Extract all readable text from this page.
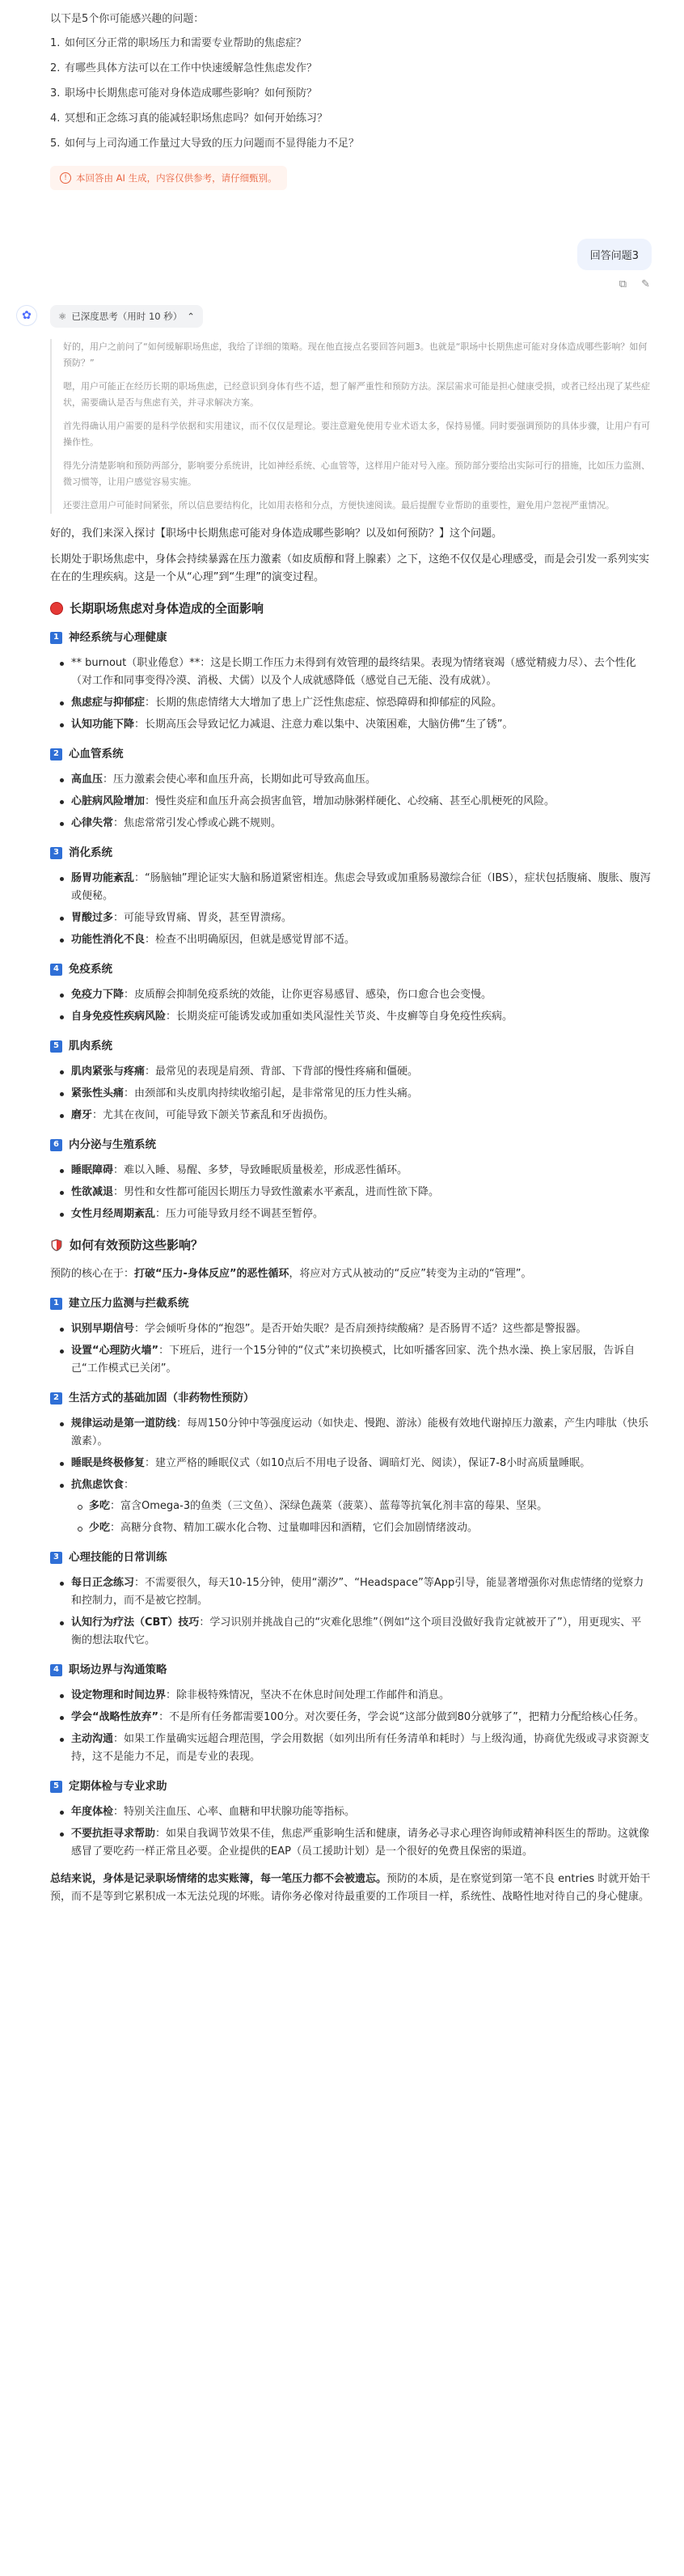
以下是5个你可能感兴趣的问题：
1. 如何区分正常的职场压力和需要专业帮助的焦虑症？
2. 有哪些具体方法可以在工作中快速缓解急性焦虑发作？
3. 职场中长期焦虑可能对身体造成哪些影响？如何预防？
4. 冥想和正念练习真的能减轻职场焦虑吗？如何开始练习？
5. 如何与上司沟通工作量过大导致的压力问题而不显得能力不足？
! 本回答由 AI 生成，内容仅供参考，请仔细甄别。
回答问题3
⧉ ✎
✿	⚛ 已深度思考（用时 10 秒） ⌃

好的，用户之前问了“如何缓解职场焦虑，我给了详细的策略。现在他直接点名要回答问题3。也就是“职场中长期焦虑可能对身体造成哪些影响？如何预防？”

嗯，用户可能正在经历长期的职场焦虑，已经意识到身体有些不适，想了解严重性和预防方法。深层需求可能是担心健康受损，或者已经出现了某些症状，需要确认是否与焦虑有关，并寻求解决方案。

首先得确认用户需要的是科学依据和实用建议，而不仅仅是理论。要注意避免使用专业术语太多，保持易懂。同时要强调预防的具体步骤，让用户有可操作性。

得先分清楚影响和预防两部分，影响要分系统讲，比如神经系统、心血管等，这样用户能对号入座。预防部分要给出实际可行的措施，比如压力监测、微习惯等，让用户感觉容易实施。

还要注意用户可能时间紧张，所以信息要结构化，比如用表格和分点，方便快速阅读。最后提醒专业帮助的重要性，避免用户忽视严重情况。

好的，我们来深入探讨【职场中长期焦虑可能对身体造成哪些影响？以及如何预防？】这个问题。

长期处于职场焦虑中，身体会持续暴露在压力激素（如皮质醇和肾上腺素）之下，这绝不仅仅是心理感受，而是会引发一系列实实在在的生理疾病。这是一个从“心理”到“生理”的演变过程。

长期职场焦虑对身体造成的全面影响
1 神经系统与心理健康
** burnout（职业倦怠）**：这是长期工作压力未得到有效管理的最终结果。表现为情绪衰竭（感觉精疲力尽）、去个性化（对工作和同事变得冷漠、消极、犬儒）以及个人成就感降低（感觉自己无能、没有成就）。
焦虑症与抑郁症：长期的焦虑情绪大大增加了患上广泛性焦虑症、惊恐障碍和抑郁症的风险。
认知功能下降：长期高压会导致记忆力减退、注意力难以集中、决策困难，大脑仿佛“生了锈”。
2 心血管系统
高血压：压力激素会使心率和血压升高，长期如此可导致高血压。
心脏病风险增加：慢性炎症和血压升高会损害血管，增加动脉粥样硬化、心绞痛、甚至心肌梗死的风险。
心律失常：焦虑常常引发心悸或心跳不规则。
3 消化系统
肠胃功能紊乱：“肠脑轴”理论证实大脑和肠道紧密相连。焦虑会导致或加重肠易激综合征（IBS），症状包括腹痛、腹胀、腹泻或便秘。
胃酸过多：可能导致胃痛、胃炎，甚至胃溃疡。
功能性消化不良：检查不出明确原因，但就是感觉胃部不适。
4 免疫系统
免疫力下降：皮质醇会抑制免疫系统的效能，让你更容易感冒、感染，伤口愈合也会变慢。
自身免疫性疾病风险：长期炎症可能诱发或加重如类风湿性关节炎、牛皮癣等自身免疫性疾病。
5 肌肉系统
肌肉紧张与疼痛：最常见的表现是肩颈、背部、下背部的慢性疼痛和僵硬。
紧张性头痛：由颈部和头皮肌肉持续收缩引起，是非常常见的压力性头痛。
磨牙：尤其在夜间，可能导致下颌关节紊乱和牙齿损伤。
6 内分泌与生殖系统
睡眠障碍：难以入睡、易醒、多梦，导致睡眠质量极差，形成恶性循环。
性欲减退：男性和女性都可能因长期压力导致性激素水平紊乱，进而性欲下降。
女性月经周期紊乱：压力可能导致月经不调甚至暂停。
如何有效预防这些影响？

预防的核心在于：打破“压力-身体反应”的恶性循环，将应对方式从被动的“反应”转变为主动的“管理”。

1 建立压力监测与拦截系统
识别早期信号：学会倾听身体的“抱怨”。是否开始失眠？是否肩颈持续酸痛？是否肠胃不适？这些都是警报器。
设置“心理防火墙”：下班后，进行一个15分钟的“仪式”来切换模式，比如听播客回家、洗个热水澡、换上家居服，告诉自己“工作模式已关闭”。
2 生活方式的基础加固（非药物性预防）
规律运动是第一道防线：每周150分钟中等强度运动（如快走、慢跑、游泳）能极有效地代谢掉压力激素，产生内啡肽（快乐激素）。
睡眠是终极修复：建立严格的睡眠仪式（如10点后不用电子设备、调暗灯光、阅读），保证7-8小时高质量睡眠。
抗焦虑饮食：
多吃：富含Omega-3的鱼类（三文鱼）、深绿色蔬菜（菠菜）、蓝莓等抗氧化剂丰富的莓果、坚果。
少吃：高糖分食物、精加工碳水化合物、过量咖啡因和酒精，它们会加剧情绪波动。
3 心理技能的日常训练
每日正念练习：不需要很久，每天10-15分钟，使用“潮汐”、“Headspace”等App引导，能显著增强你对焦虑情绪的觉察力和控制力，而不是被它控制。
认知行为疗法（CBT）技巧：学习识别并挑战自己的“灾难化思维”（例如“这个项目没做好我肯定就被开了”），用更现实、平衡的想法取代它。
4 职场边界与沟通策略
设定物理和时间边界：除非极特殊情况，坚决不在休息时间处理工作邮件和消息。
学会“战略性放弃”：不是所有任务都需要100分。对次要任务，学会说“这部分做到80分就够了”，把精力分配给核心任务。
主动沟通：如果工作量确实远超合理范围，学会用数据（如列出所有任务清单和耗时）与上级沟通，协商优先级或寻求资源支持，这不是能力不足，而是专业的表现。
5 定期体检与专业求助
年度体检：特别关注血压、心率、血糖和甲状腺功能等指标。
不要抗拒寻求帮助：如果自我调节效果不佳，焦虑严重影响生活和健康，请务必寻求心理咨询师或精神科医生的帮助。这就像感冒了要吃药一样正常且必要。企业提供的EAP（员工援助计划）是一个很好的免费且保密的渠道。

总结来说，身体是记录职场情绪的忠实账簿，每一笔压力都不会被遗忘。预防的本质，是在察觉到第一笔不良 entries 时就开始干预，而不是等到它累积成一本无法兑现的坏账。请你务必像对待最重要的工作项目一样，系统性、战略性地对待自己的身心健康。
